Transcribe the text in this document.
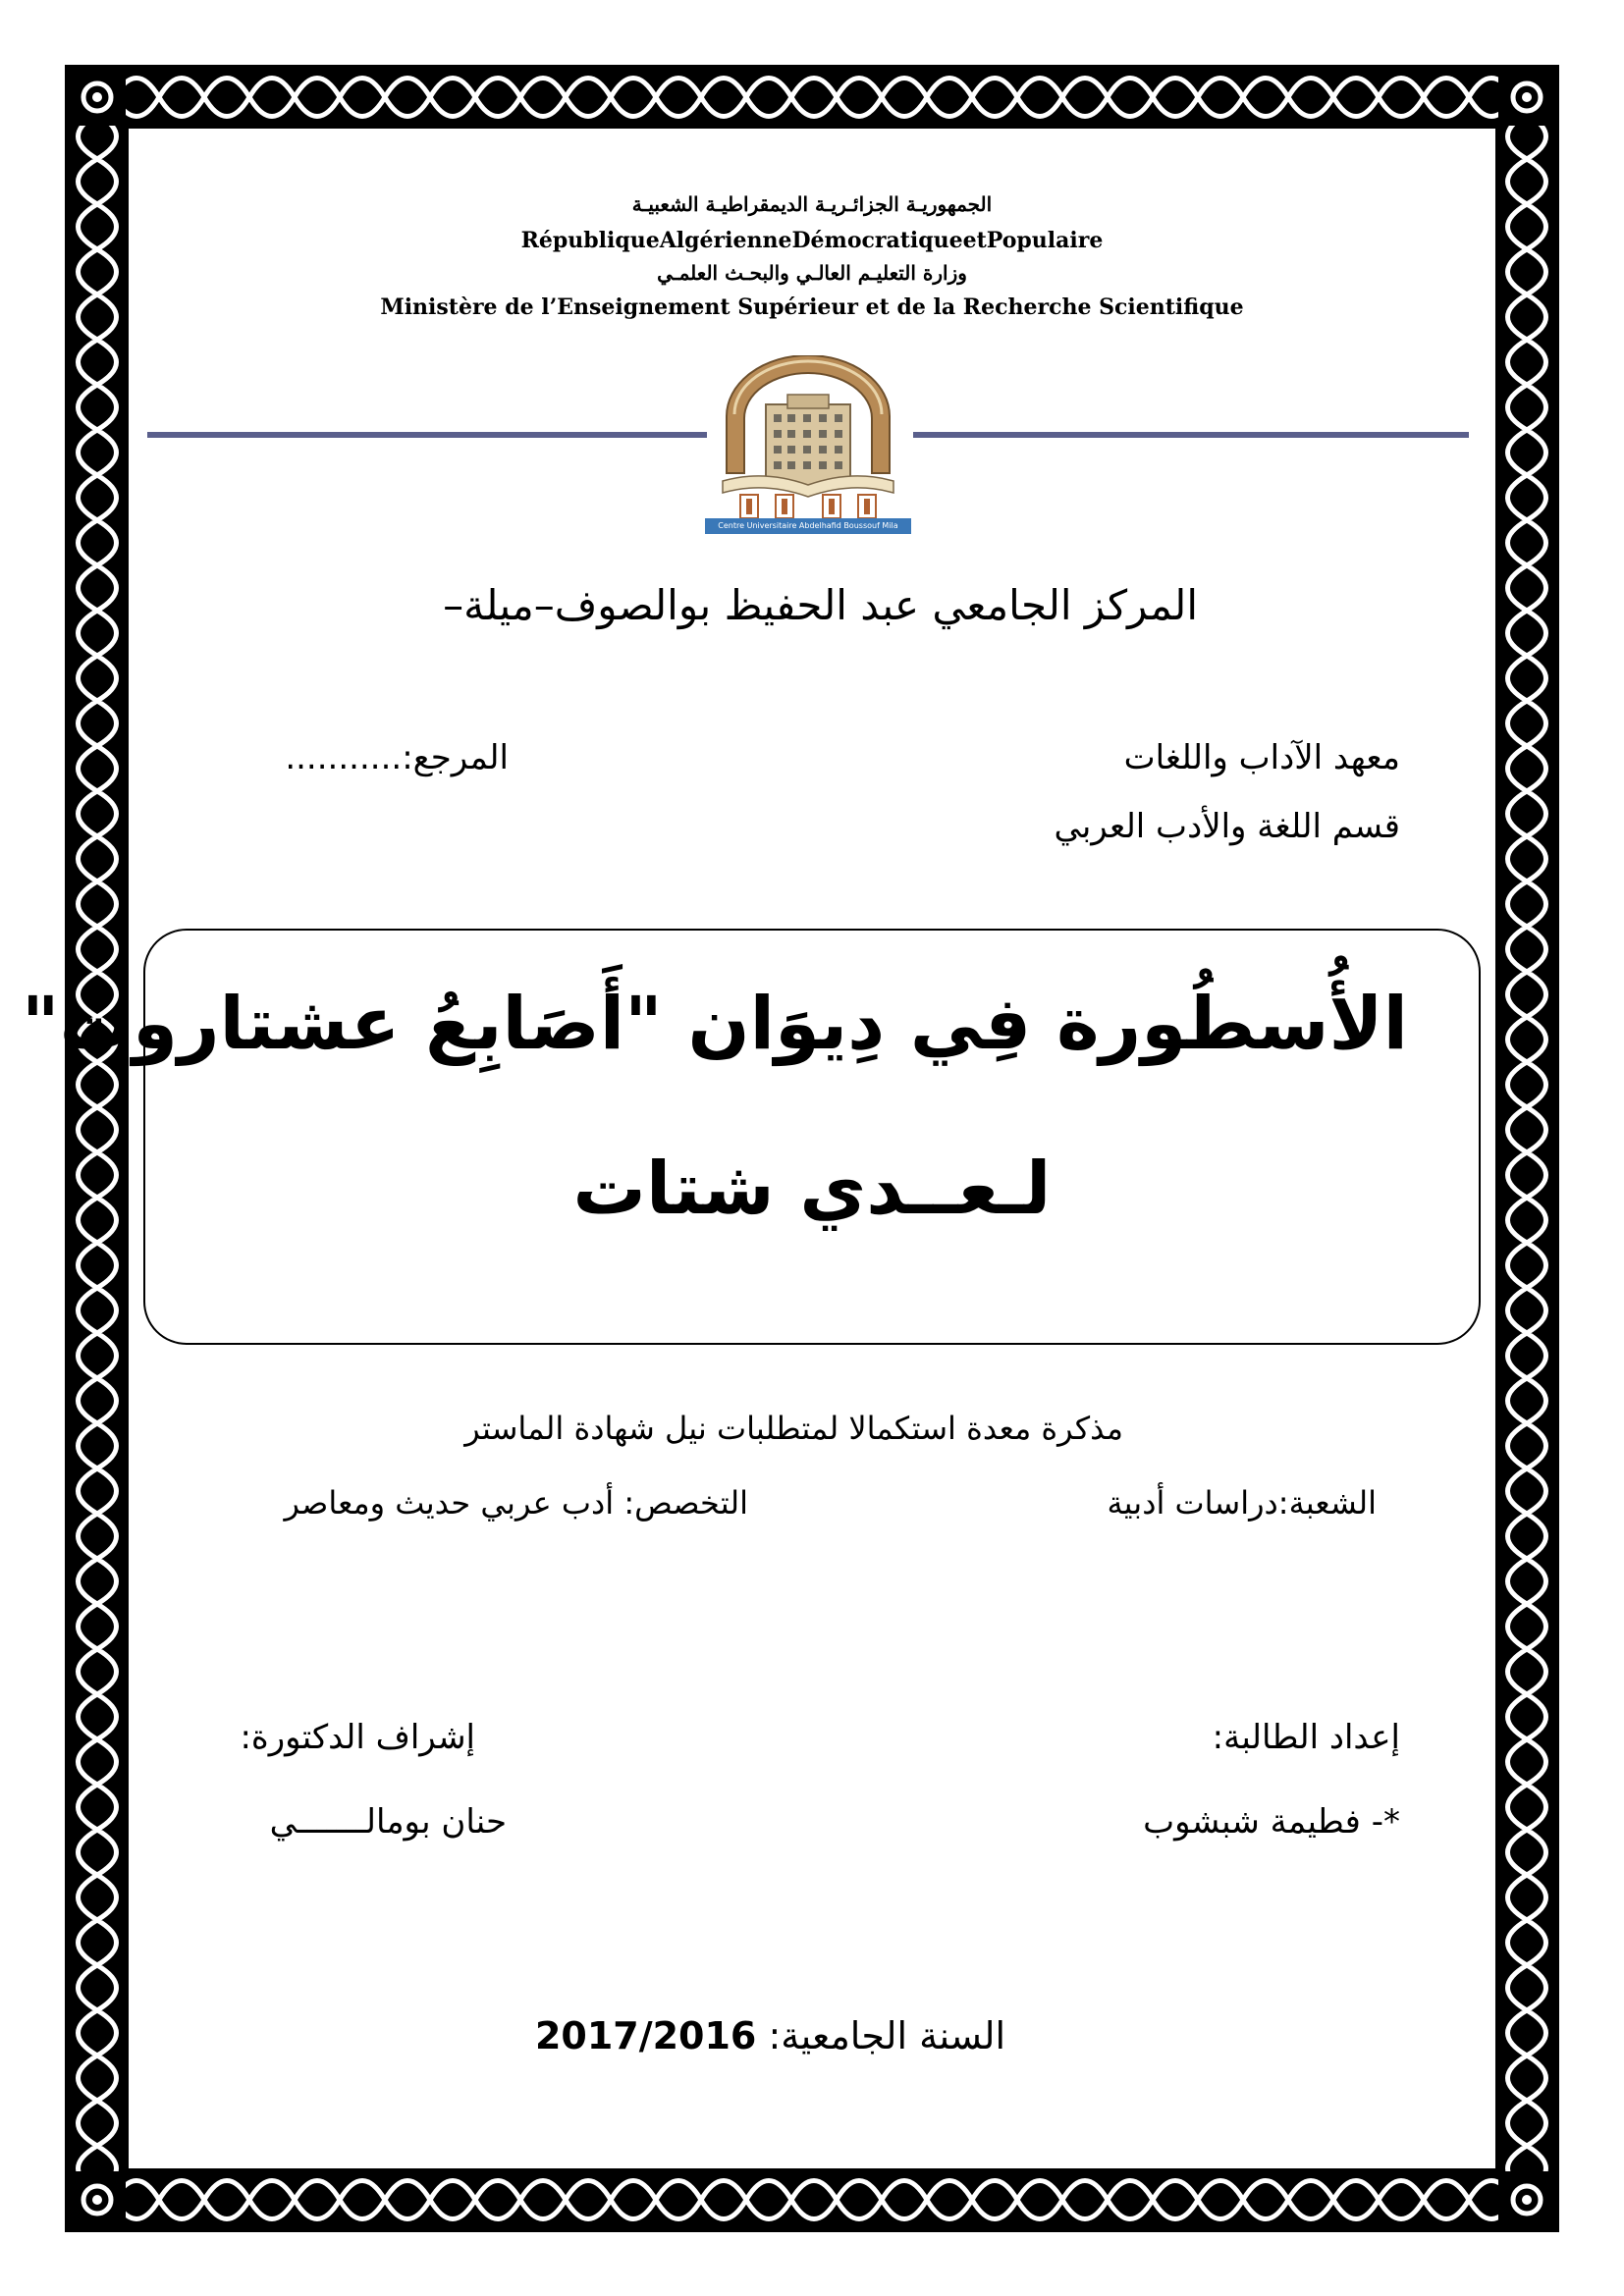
الجمهوريـة الجزائـريـة الديمقراطيـة الشعبيـة
RépubliqueAlgérienneDémocratiqueetPopulaire
وزارة التعليـم العالـي والبحـث العلمـي
Ministère de l’Enseignement Supérieur et de la Recherche Scientifique
Centre Universitaire Abdelhafid Boussouf Mila
المركز الجامعي عبد الحفيظ بوالصوف–ميلة–
معهد الآداب واللغات
قسم اللغة والأدب العربي
المرجع:...........
الأُسطُورة فِي دِيوَان "أَصَابِعُ عشتاروت"
لـعــدي شتات
مذكرة معدة استكمالا لمتطلبات نيل شهادة الماستر
الشعبة:دراسات أدبية
التخصص: أدب عربي حديث ومعاصر
إعداد الطالبة:
إشراف الدكتورة:
*- فطيمة شبشوب
حنان بومالـــــــي
السنة الجامعية: 2017/2016
